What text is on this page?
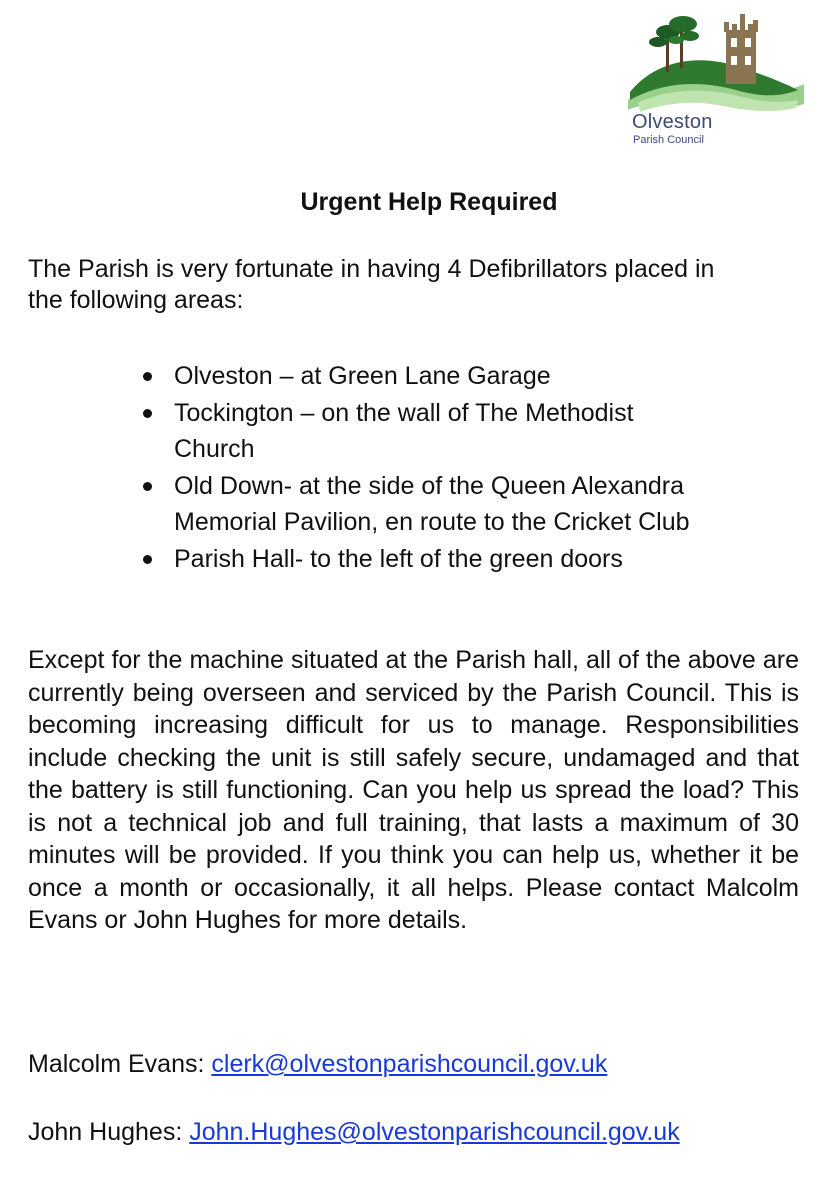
Olveston
Parish Council
Urgent Help Required

The Parish is very fortunate in having 4 Defibrillators placed in the following areas:

Olveston – at Green Lane Garage
Tockington – on the wall of The Methodist
Church
Old Down- at the side of the Queen Alexandra
Memorial Pavilion, en route to the Cricket Club
Parish Hall- to the left of the green doors

Except for the machine situated at the Parish hall, all of the above are currently being overseen and serviced by the Parish Council. This is becoming increasing difficult for us to manage. Responsibilities include checking the unit is still safely secure, undamaged and that the battery is still functioning. Can you help us spread the load? This is not a technical job and full training, that lasts a maximum of 30 minutes will be provided. If you think you can help us, whether it be once a month or occasionally, it all helps. Please contact Malcolm Evans or John Hughes for more details.

Malcolm Evans: clerk@olvestonparishcouncil.gov.uk

John Hughes: John.Hughes@olvestonparishcouncil.gov.uk
